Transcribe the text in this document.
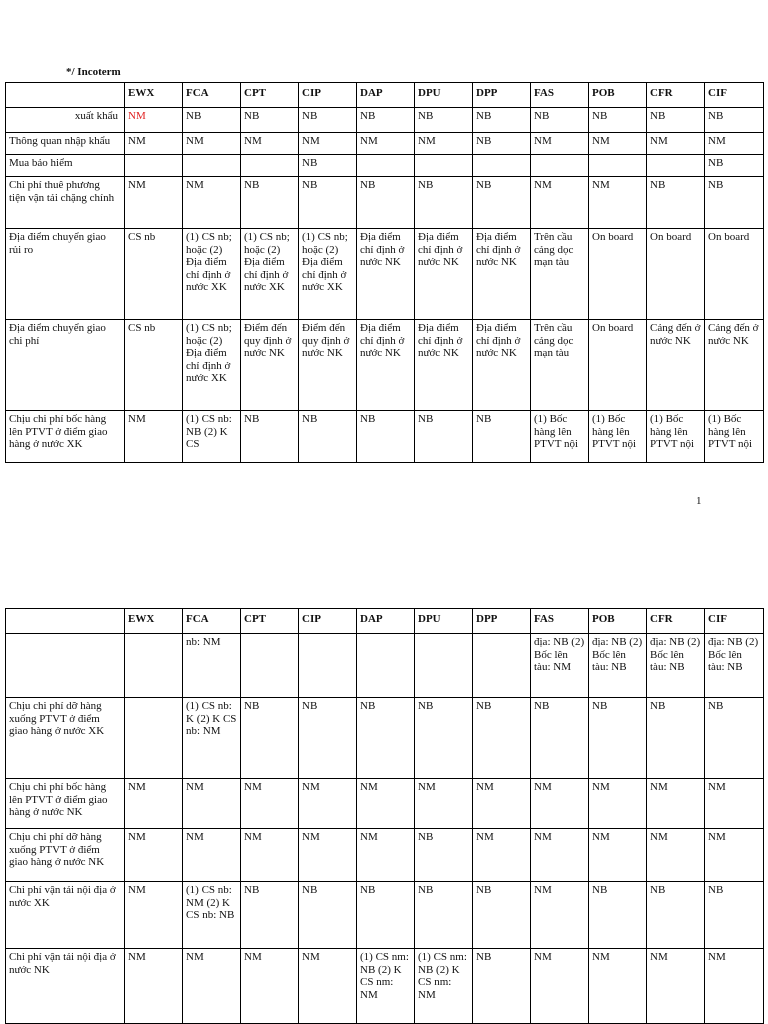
*/ Incoterm
	EWX	FCA	CPT	CIP	DAP	DPU	DPP	FAS	POB	CFR	CIF
xuất khẩu	NM	NB	NB	NB	NB	NB	NB	NB	NB	NB	NB
Thông quan nhập khẩu	NM	NM	NM	NM	NM	NM	NB	NM	NM	NM	NM
Mua bảo hiểm				NB							NB
Chi phí thuê phương tiện vận tải chặng chính	NM	NM	NB	NB	NB	NB	NB	NM	NM	NB	NB
Địa điểm chuyển giao rủi ro	CS nb	(1) CS nb; hoặc (2) Địa điểm chỉ định ở nước XK	(1) CS nb; hoặc (2) Địa điểm chỉ định ở nước XK	(1) CS nb; hoặc (2) Địa điểm chỉ định ở nước XK	Địa điểm chỉ định ở nước NK	Địa điểm chỉ định ở nước NK	Địa điểm chỉ định ở nước NK	Trên cầu cảng dọc mạn tàu	On board	On board	On board
Địa điểm chuyển giao chi phí	CS nb	(1) CS nb; hoặc (2) Địa điểm chỉ định ở nước XK	Điểm đến quy định ở nước NK	Điểm đến quy định ở nước NK	Địa điểm chỉ định ở nước NK	Địa điểm chỉ định ở nước NK	Địa điểm chỉ định ở nước NK	Trên cầu cảng dọc mạn tàu	On board	Cảng đến ở nước NK	Cảng đến ở nước NK
Chịu chi phí bốc hàng lên PTVT ở điểm giao hàng ở nước XK	NM	(1) CS nb: NB (2) K CS	NB	NB	NB	NB	NB	(1) Bốc hàng lên PTVT nội	(1) Bốc hàng lên PTVT nội	(1) Bốc hàng lên PTVT nội	(1) Bốc hàng lên PTVT nội
1
	EWX	FCA	CPT	CIP	DAP	DPU	DPP	FAS	POB	CFR	CIF
		nb: NM						địa: NB (2) Bốc lên tàu: NM	địa: NB (2) Bốc lên tàu: NB	địa: NB (2) Bốc lên tàu: NB	địa: NB (2) Bốc lên tàu: NB
Chịu chi phí dỡ hàng xuống PTVT ở điểm giao hàng ở nước XK		(1) CS nb: K (2) K CS nb: NM	NB	NB	NB	NB	NB	NB	NB	NB	NB
Chịu chi phí bốc hàng lên PTVT ở điểm giao hàng ở nước NK	NM	NM	NM	NM	NM	NM	NM	NM	NM	NM	NM
Chịu chi phí dỡ hàng xuống PTVT ở điểm giao hàng ở nước NK	NM	NM	NM	NM	NM	NB	NM	NM	NM	NM	NM
Chi phí vận tải nội địa ở nước XK	NM	(1) CS nb: NM (2) K CS nb: NB	NB	NB	NB	NB	NB	NM	NB	NB	NB
Chi phí vận tải nội địa ở nước NK	NM	NM	NM	NM	(1) CS nm: NB (2) K CS nm: NM	(1) CS nm: NB (2) K CS nm: NM	NB	NM	NM	NM	NM
